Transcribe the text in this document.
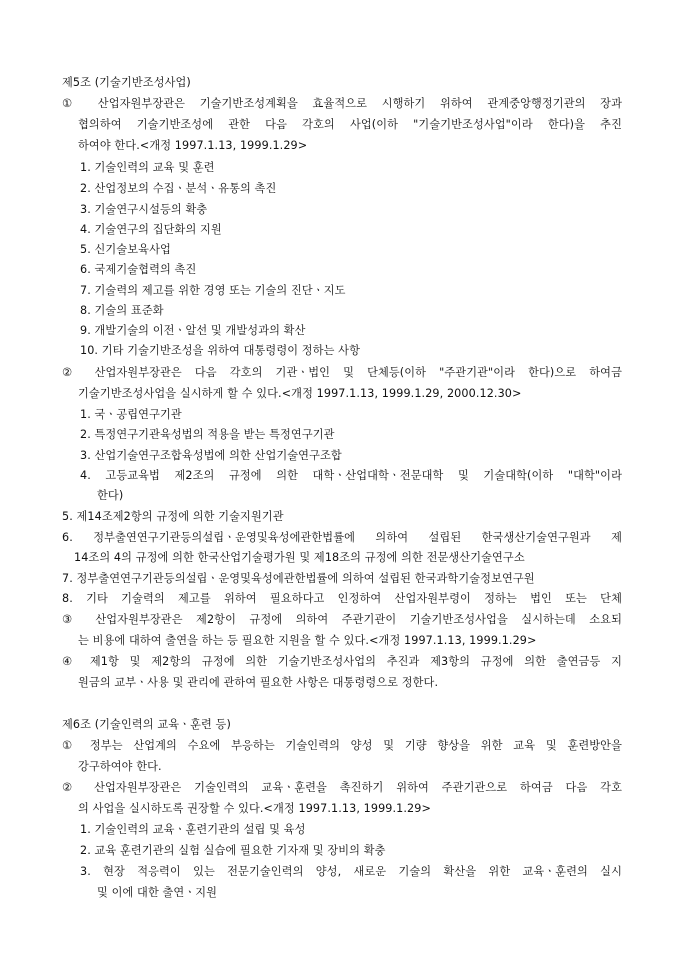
제5조 (기술기반조성사업)
① 산업자원부장관은 기술기반조성계획을 효율적으로 시행하기 위하여 관계중앙행정기관의 장과
협의하여 기술기반조성에 관한 다음 각호의 사업(이하 "기술기반조성사업"이라 한다)을 추진
하여야 한다.<개정 1997.1.13, 1999.1.29>
1. 기술인력의 교육 및 훈련
2. 산업정보의 수집ㆍ분석ㆍ유통의 촉진
3. 기술연구시설등의 확충
4. 기술연구의 집단화의 지원
5. 신기술보육사업
6. 국제기술협력의 촉진
7. 기술력의 제고를 위한 경영 또는 기술의 진단ㆍ지도
8. 기술의 표준화
9. 개발기술의 이전ㆍ알선 및 개발성과의 확산
10. 기타 기술기반조성을 위하여 대통령령이 정하는 사항
② 산업자원부장관은 다음 각호의 기관ㆍ법인 및 단체등(이하 "주관기관"이라 한다)으로 하여금
기술기반조성사업을 실시하게 할 수 있다.<개정 1997.1.13, 1999.1.29, 2000.12.30>
1. 국ㆍ공립연구기관
2. 특정연구기관육성법의 적용을 받는 특정연구기관
3. 산업기술연구조합육성법에 의한 산업기술연구조합
4. 고등교육법 제2조의 규정에 의한 대학ㆍ산업대학ㆍ전문대학 및 기술대학(이하 "대학"이라
한다)
5. 제14조제2항의 규정에 의한 기술지원기관
6. 정부출연연구기관등의설립ㆍ운영및육성에관한법률에 의하여 설립된 한국생산기술연구원과 제
14조의 4의 규정에 의한 한국산업기술평가원 및 제18조의 규정에 의한 전문생산기술연구소
7. 정부출연연구기관등의설립ㆍ운영및육성에관한법률에 의하여 설립된 한국과학기술정보연구원
8. 기타 기술력의 제고를 위하여 필요하다고 인정하여 산업자원부령이 정하는 법인 또는 단체
③ 산업자원부장관은 제2항이 규정에 의하여 주관기관이 기술기반조성사업을 실시하는데 소요되
는 비용에 대하여 출연을 하는 등 필요한 지원을 할 수 있다.<개정 1997.1.13, 1999.1.29>
④ 제1항 및 제2항의 규정에 의한 기술기반조성사업의 추진과 제3항의 규정에 의한 출연금등 지
원금의 교부ㆍ사용 및 관리에 관하여 필요한 사항은 대통령령으로 정한다.
제6조 (기술인력의 교육ㆍ훈련 등)
① 정부는 산업계의 수요에 부응하는 기술인력의 양성 및 기량 향상을 위한 교육 및 훈련방안을
강구하여야 한다.
② 산업자원부장관은 기술인력의 교육ㆍ훈련을 촉진하기 위하여 주관기관으로 하여금 다음 각호
의 사업을 실시하도록 권장할 수 있다.<개정 1997.1.13, 1999.1.29>
1. 기술인력의 교육ㆍ훈련기관의 설립 및 육성
2. 교육 훈련기관의 실험 실습에 필요한 기자재 및 장비의 확충
3. 현장 적응력이 있는 전문기술인력의 양성, 새로운 기술의 확산을 위한 교육ㆍ훈련의 실시
및 이에 대한 출연ㆍ지원
